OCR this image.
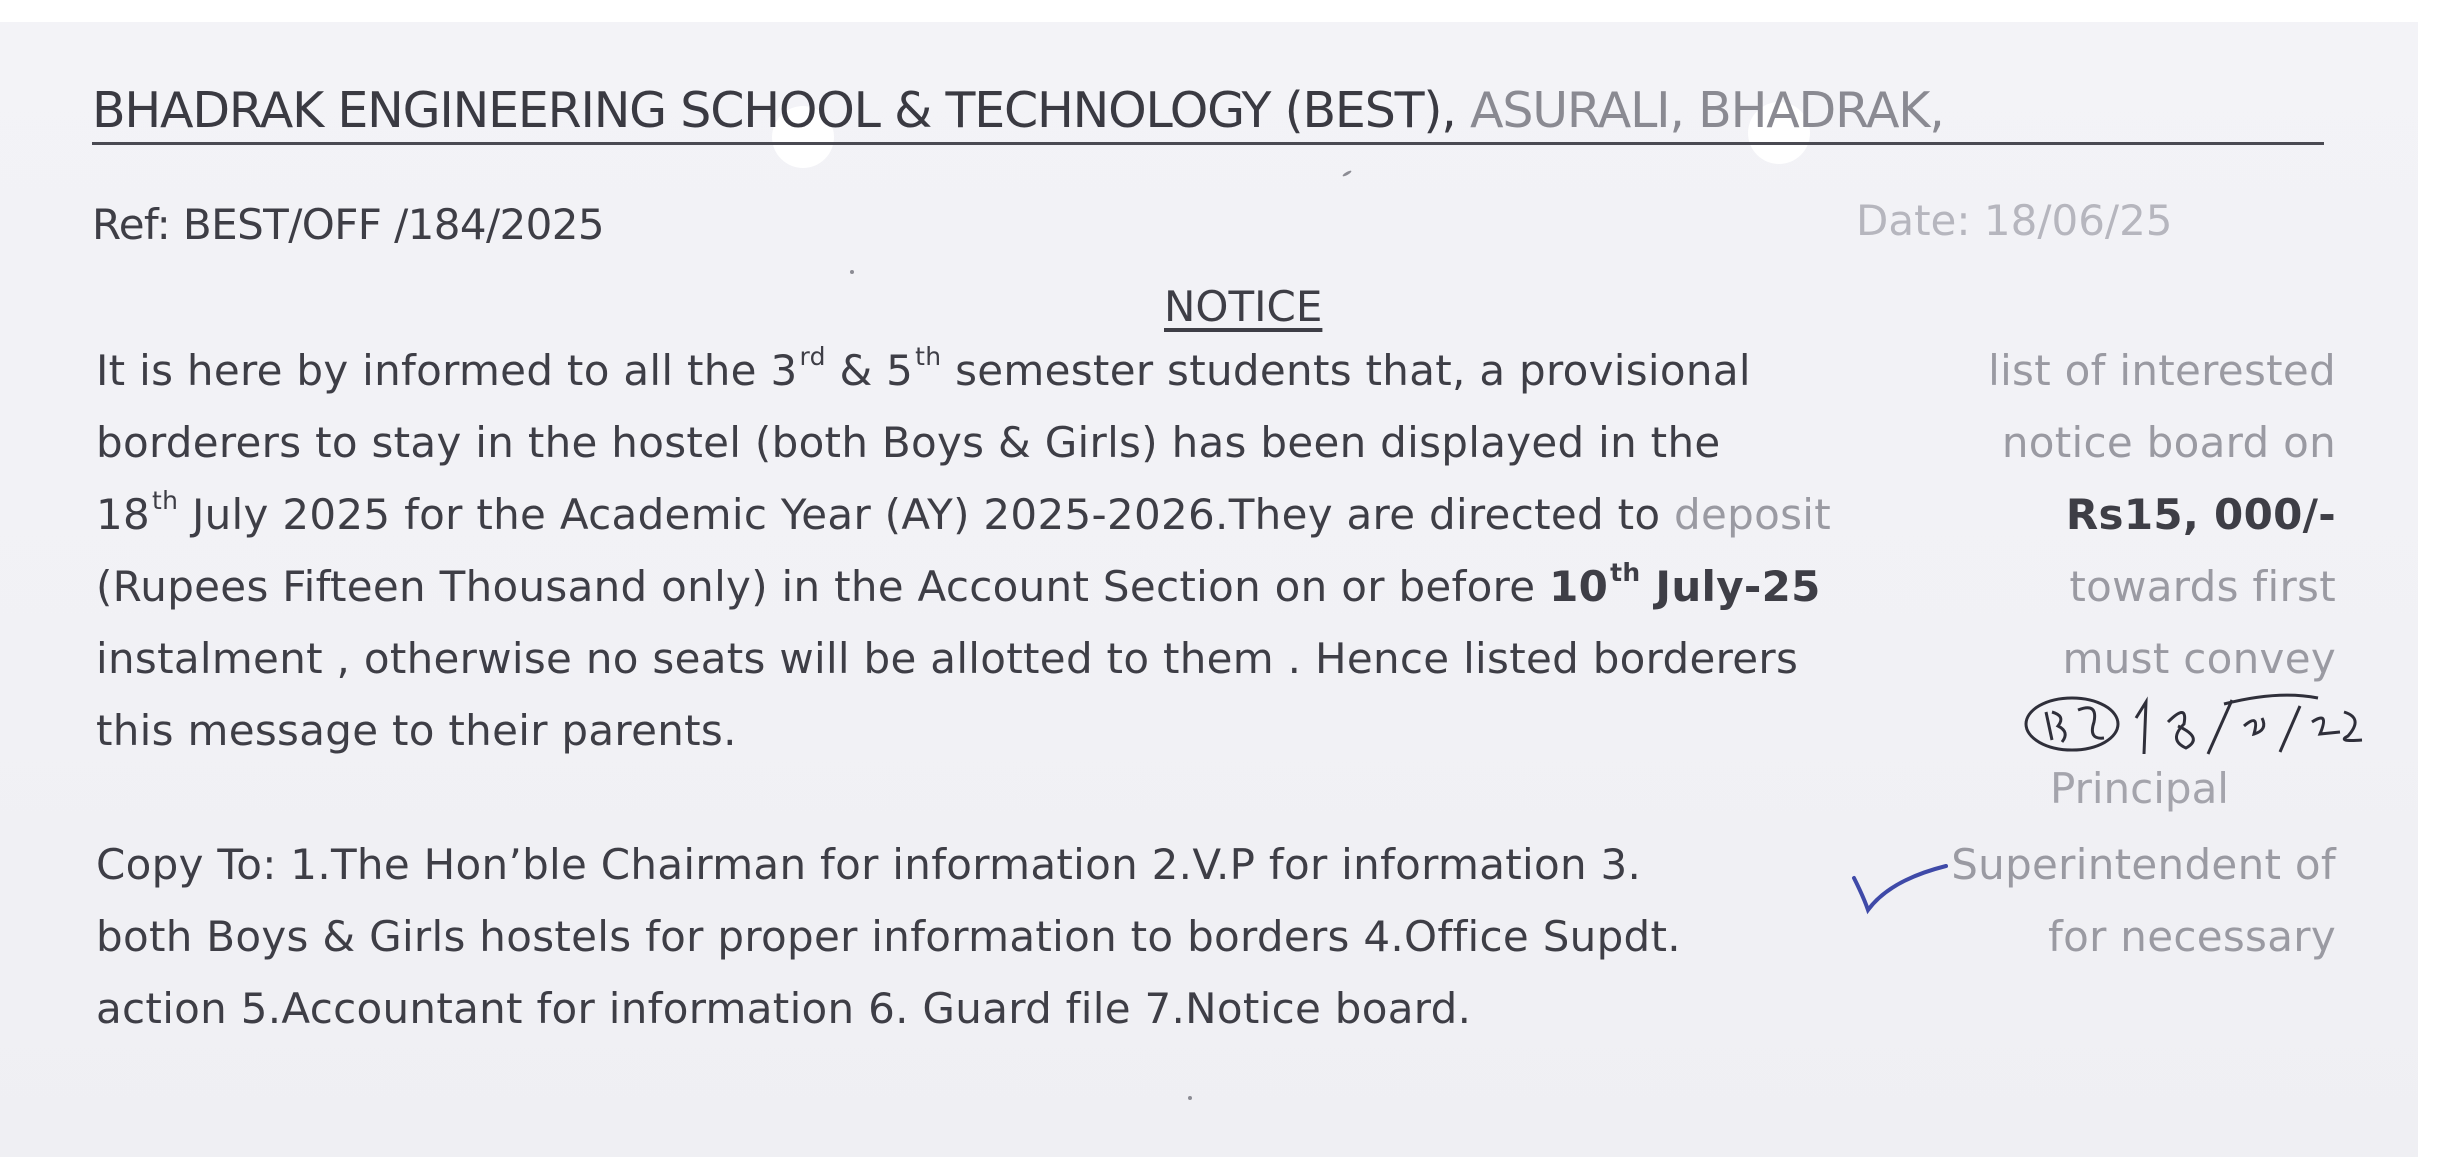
BHADRAK ENGINEERING SCHOOL & TECHNOLOGY (BEST), ASURALI, BHADRAK,
Ref: BEST/OFF /184/2025	Date: 18/06/25
NOTICE
It is here by informed to all the 3rd & 5th semester students that, a provisional	list of interested
borderers to stay in the hostel (both Boys & Girls) has been displayed in the	notice board on
18th July 2025 for the Academic Year (AY) 2025-2026.They are directed to deposit	Rs15, 000/-
(Rupees Fifteen Thousand only) in the Account Section on or before 10th July-25	towards first
instalment , otherwise no seats will be allotted to them . Hence listed borderers	must convey
this message to their parents.
Principal
Copy To: 1.The Hon’ble Chairman for information 2.V.P for information 3.	Superintendent of
both Boys & Girls hostels for proper information to borders 4.Office Supdt.	for necessary
action 5.Accountant for information 6. Guard file 7.Notice board.
